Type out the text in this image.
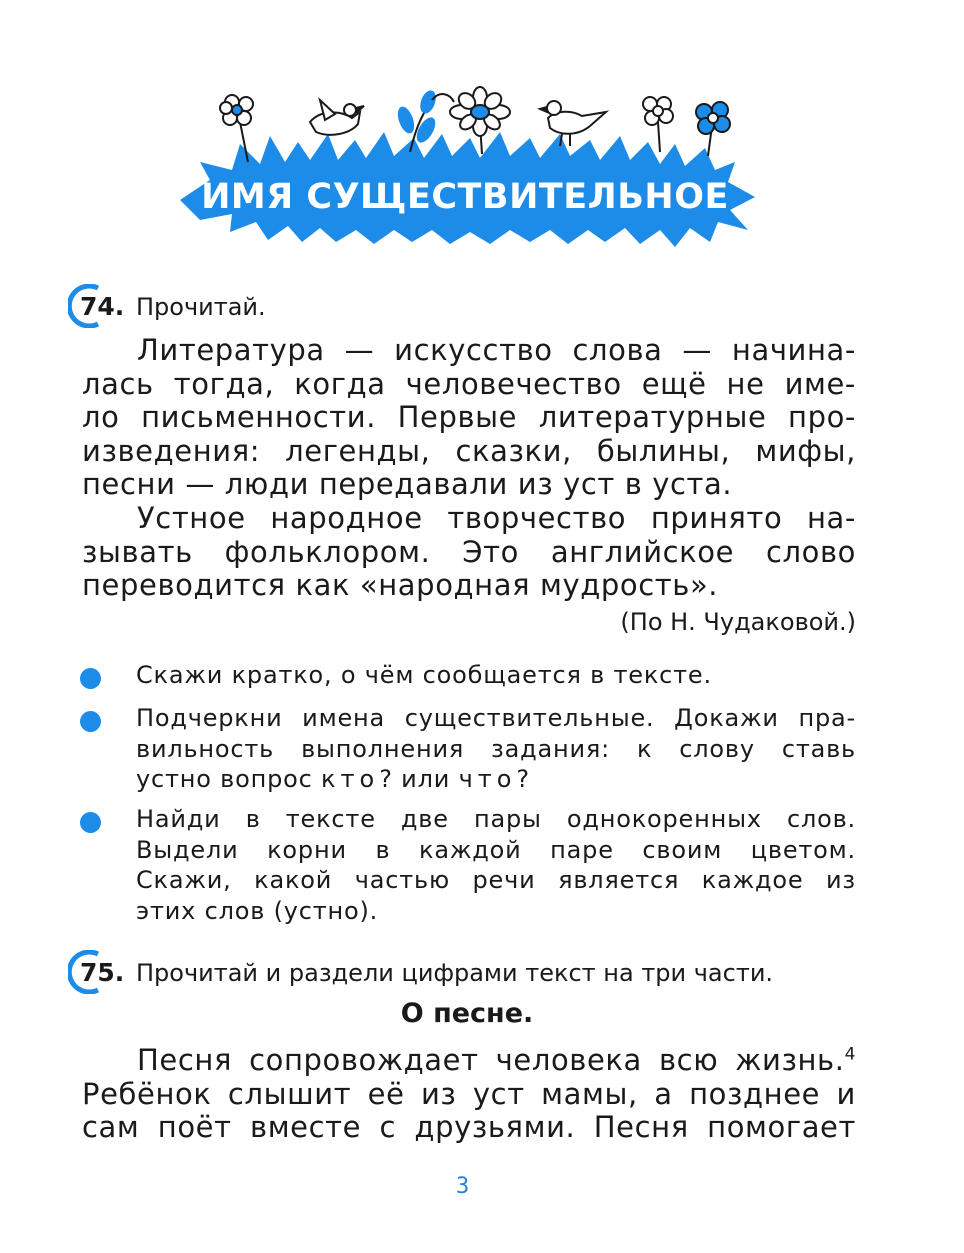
ИМЯ СУЩЕСТВИТЕЛЬНОЕ
74. Прочитай.
Литература — искусство слова — начина-
лась тогда, когда человечество ещё не име-
ло письменности. Первые литературные про-
изведения: легенды, сказки, былины, мифы,
песни — люди передавали из уст в уста.
Устное народное творчество принято на-
зывать фольклором. Это английское слово
переводится как «народная мудрость».
(По Н. Чудаковой.)
Скажи кратко, о чём сообщается в тексте.
Подчеркни имена существительные. Докажи пра-
вильность выполнения задания: к слову ставь
устно вопрос кто? или что?
Найди в тексте две пары однокоренных слов.
Выдели корни в каждой паре своим цветом.
Скажи, какой частью речи является каждое из
этих слов (устно).
75. Прочитай и раздели цифрами текст на три части.
О песне.
Песня сопровождает человека всю жизнь.$^4$
Ребёнок слышит её из уст мамы, а позднее и
сам поёт вместе с друзьями. Песня помогает
3
